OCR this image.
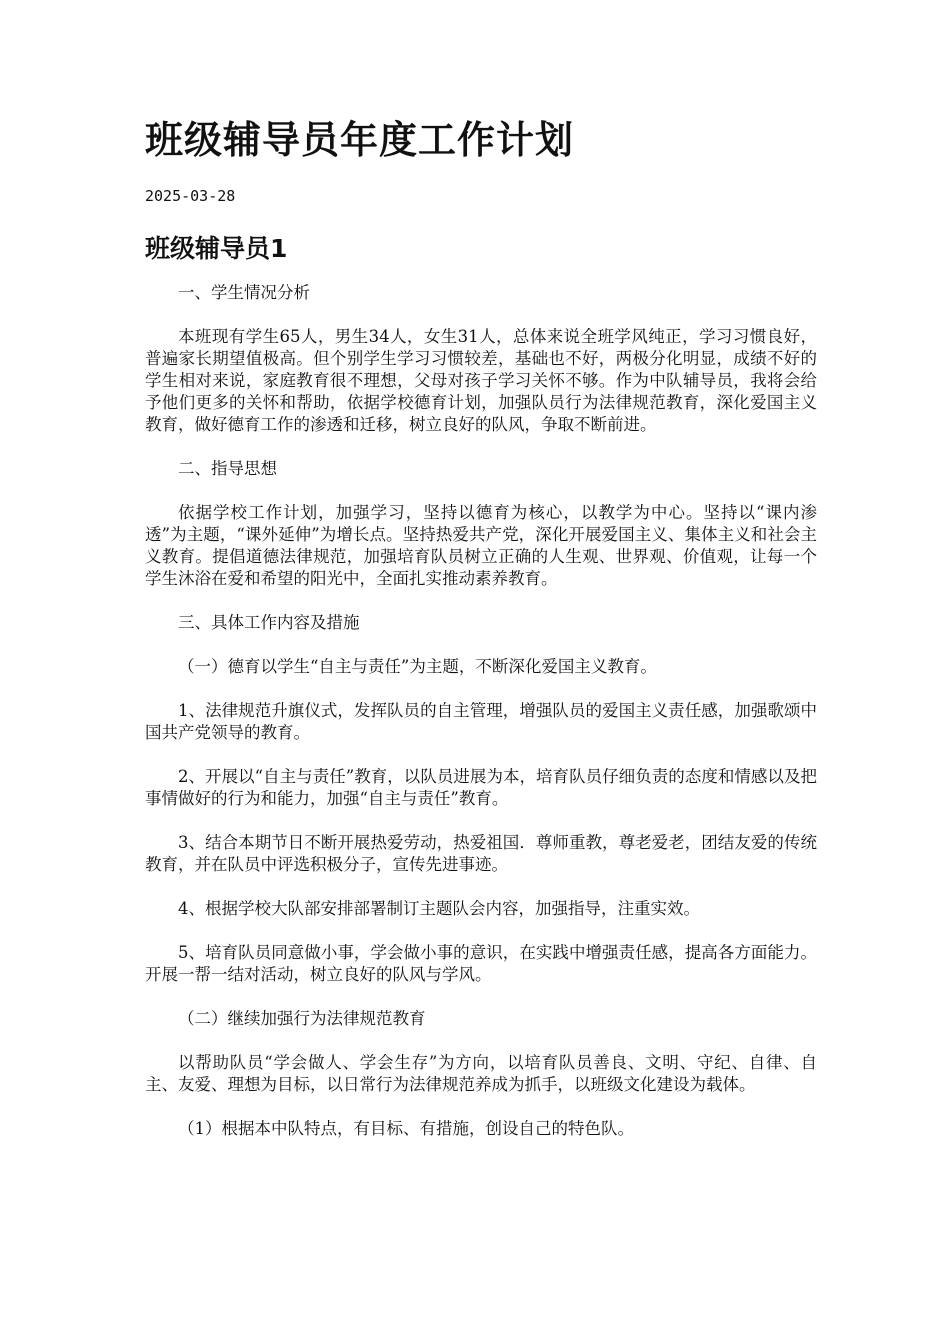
班级辅导员年度工作计划
2025-03-28
班级辅导员1

一、学生情况分析

本班现有学生65人，男生34人，女生31人，总体来说全班学风纯正，学习习惯良好，普遍家长期望值极高。但个别学生学习习惯较差，基础也不好，两极分化明显，成绩不好的学生相对来说，家庭教育很不理想，父母对孩子学习关怀不够。作为中队辅导员，我将会给予他们更多的关怀和帮助，依据学校德育计划，加强队员行为法律规范教育，深化爱国主义教育，做好德育工作的渗透和迁移，树立良好的队风，争取不断前进。

二、指导思想

依据学校工作计划，加强学习，坚持以德育为核心，以教学为中心。坚持以“课内渗透”为主题，“课外延伸”为增长点。坚持热爱共产党，深化开展爱国主义、集体主义和社会主义教育。提倡道德法律规范，加强培育队员树立正确的人生观、世界观、价值观，让每一个学生沐浴在爱和希望的阳光中，全面扎实推动素养教育。

三、具体工作内容及措施

（一）德育以学生“自主与责任”为主题，不断深化爱国主义教育。

1、法律规范升旗仪式，发挥队员的自主管理，增强队员的爱国主义责任感，加强歌颂中国共产党领导的教育。

2、开展以“自主与责任”教育，以队员进展为本，培育队员仔细负责的态度和情感以及把事情做好的行为和能力，加强“自主与责任”教育。

3、结合本期节日不断开展热爱劳动，热爱祖国．尊师重教，尊老爱老，团结友爱的传统教育，并在队员中评选积极分子，宣传先进事迹。

4、根据学校大队部安排部署制订主题队会内容，加强指导，注重实效。

5、培育队员同意做小事，学会做小事的意识，在实践中增强责任感，提高各方面能力。开展一帮一结对活动，树立良好的队风与学风。

（二）继续加强行为法律规范教育

以帮助队员“学会做人、学会生存”为方向，以培育队员善良、文明、守纪、自律、自主、友爱、理想为目标，以日常行为法律规范养成为抓手，以班级文化建设为载体。

（1）根据本中队特点，有目标、有措施，创设自己的特色队。
